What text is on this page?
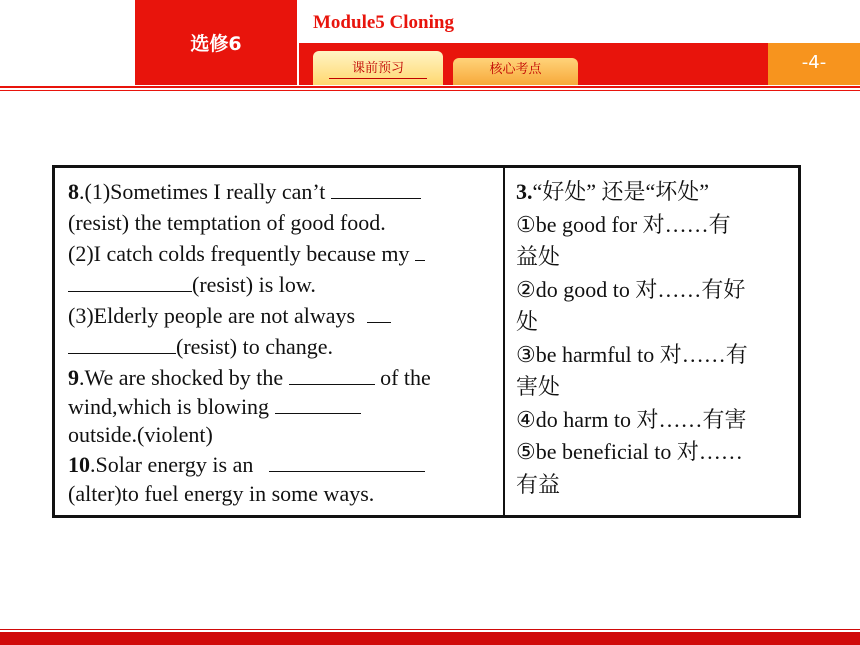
选修6
Module5 Cloning
-4-
课前预习	核心考点
8.(1)Sometimes I really can’t
(resist) the temptation of good food.
(2)I catch colds frequently because my
(resist) is low.
(3)Elderly people are not always
(resist) to change.
9.We are shocked by the	of the
wind,which is blowing
outside.(violent)
10.Solar energy is an
(alter)to fuel energy in some ways.
3.“好处” 还是“坏处”
①be good for 对……有
益处
②do good to 对……有好
处
③be harmful to 对……有
害处
④do harm to 对……有害
⑤be beneficial to 对……
有益
